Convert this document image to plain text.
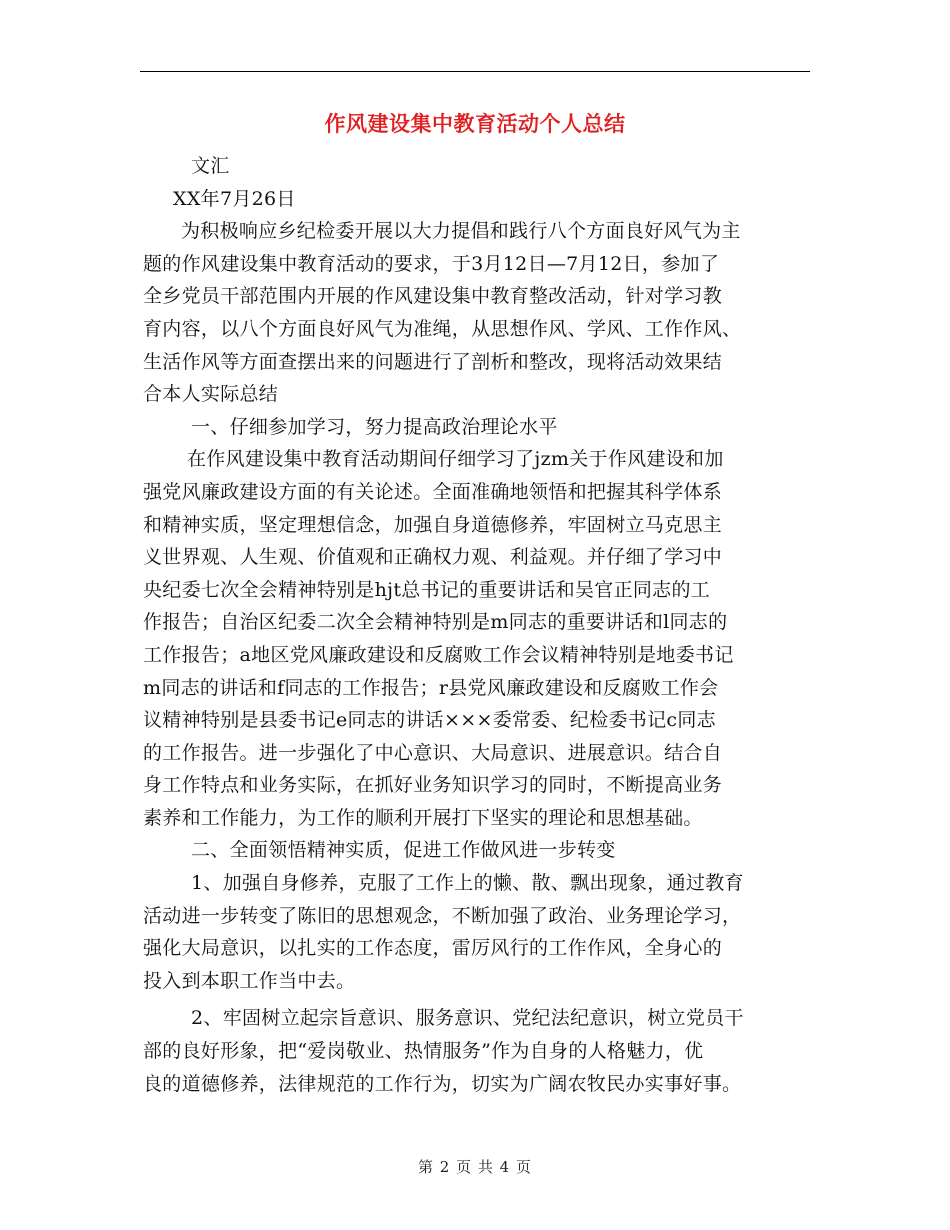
作风建设集中教育活动个人总结
文汇
XX年7月26日
为积极响应乡纪检委开展以大力提倡和践行八个方面良好风气为主
题的作风建设集中教育活动的要求，于3月12日—7月12日，参加了
全乡党员干部范围内开展的作风建设集中教育整改活动，针对学习教
育内容，以八个方面良好风气为准绳，从思想作风、学风、工作作风、
生活作风等方面查摆出来的问题进行了剖析和整改，现将活动效果结
合本人实际总结
一、仔细参加学习，努力提高政治理论水平
在作风建设集中教育活动期间仔细学习了jzm关于作风建设和加
强党风廉政建设方面的有关论述。全面准确地领悟和把握其科学体系
和精神实质，坚定理想信念，加强自身道德修养，牢固树立马克思主
义世界观、人生观、价值观和正确权力观、利益观。并仔细了学习中
央纪委七次全会精神特别是hjt总书记的重要讲话和吴官正同志的工
作报告；自治区纪委二次全会精神特别是m同志的重要讲话和l同志的
工作报告；a地区党风廉政建设和反腐败工作会议精神特别是地委书记
m同志的讲话和f同志的工作报告；r县党风廉政建设和反腐败工作会
议精神特别是县委书记e同志的讲话×××委常委、纪检委书记c同志
的工作报告。进一步强化了中心意识、大局意识、进展意识。结合自
身工作特点和业务实际，在抓好业务知识学习的同时，不断提高业务
素养和工作能力，为工作的顺利开展打下坚实的理论和思想基础。
二、全面领悟精神实质，促进工作做风进一步转变
1、加强自身修养，克服了工作上的懒、散、飘出现象，通过教育
活动进一步转变了陈旧的思想观念，不断加强了政治、业务理论学习，
强化大局意识，以扎实的工作态度，雷厉风行的工作作风，全身心的
投入到本职工作当中去。
2、牢固树立起宗旨意识、服务意识、党纪法纪意识，树立党员干
部的良好形象，把“爱岗敬业、热情服务”作为自身的人格魅力，优
良的道德修养，法律规范的工作行为，切实为广阔农牧民办实事好事。
第 2 页 共 4 页
